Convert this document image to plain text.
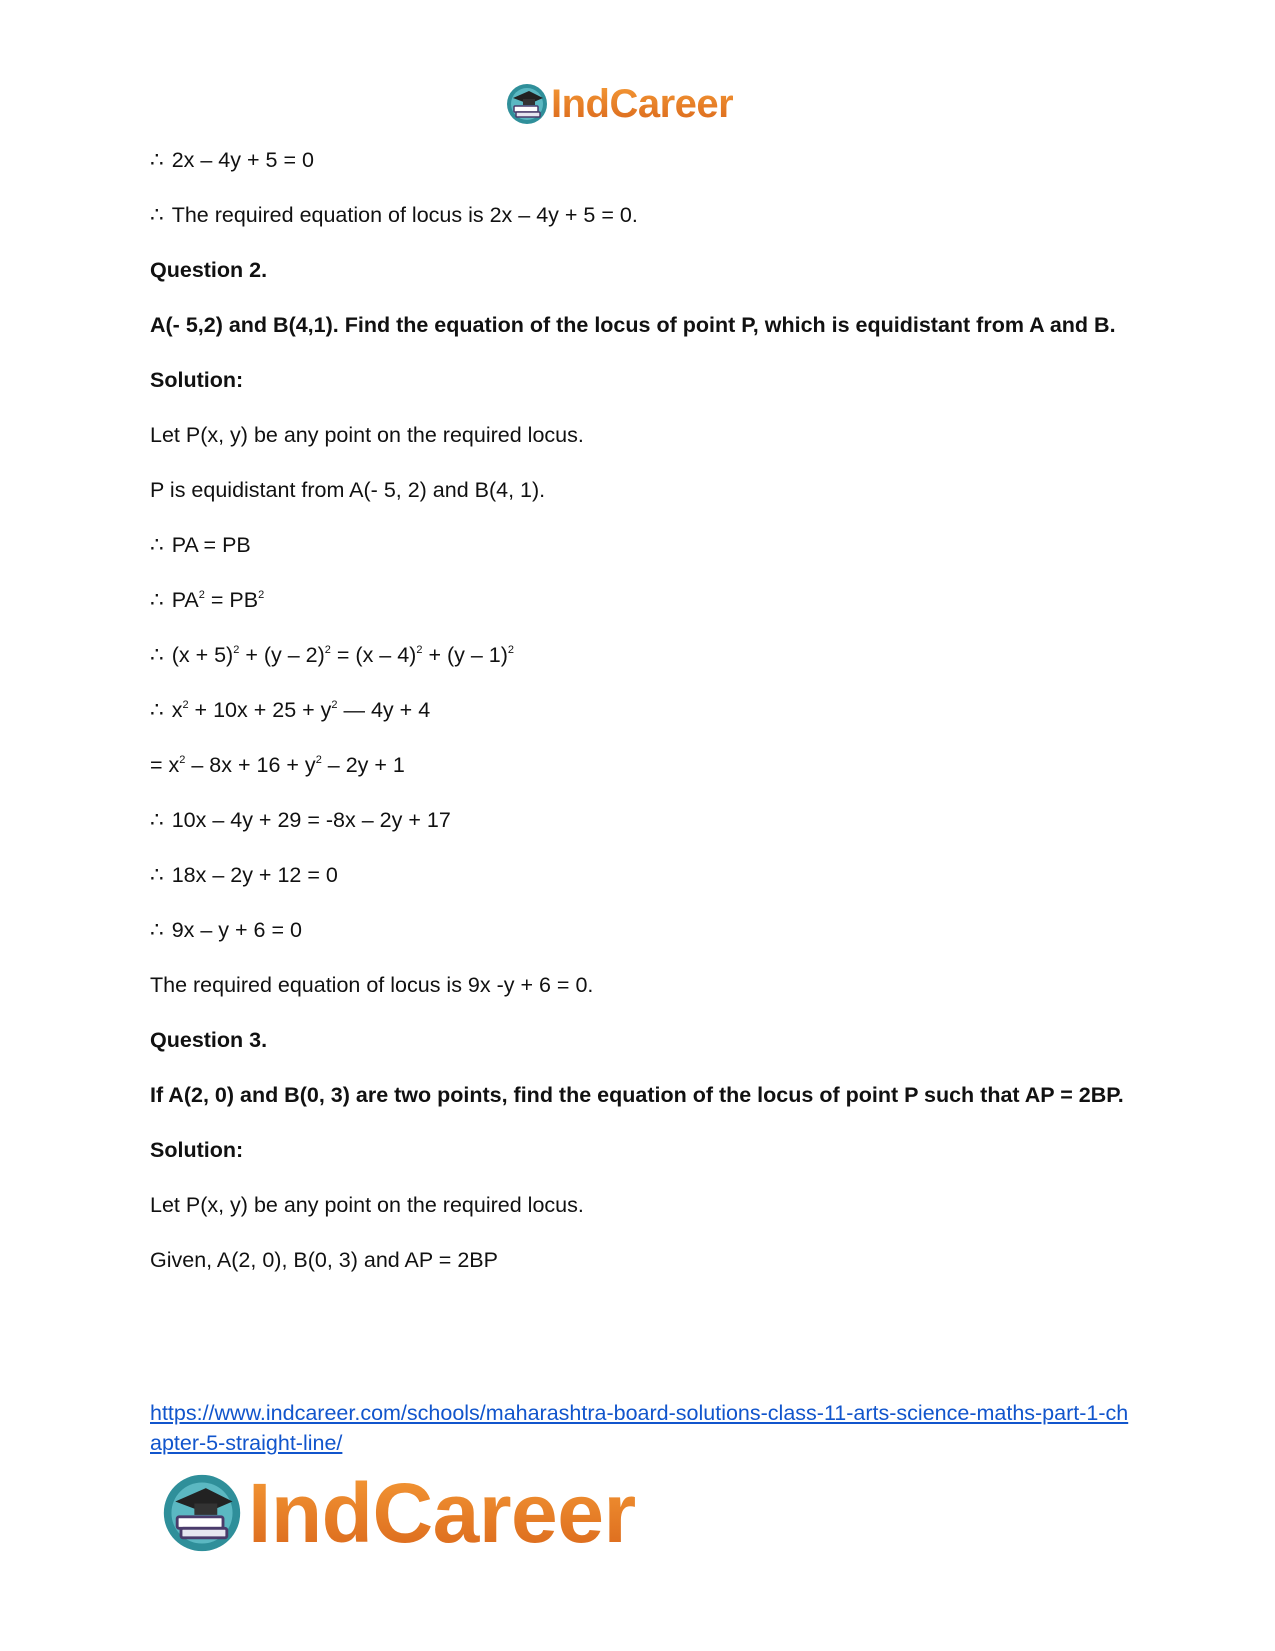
IndCareer

∴ 2x – 4y + 5 = 0

∴ The required equation of locus is 2x – 4y + 5 = 0.

Question 2.

A(- 5,2) and B(4,1). Find the equation of the locus of point P, which is equidistant from A and B.

Solution:

Let P(x, y) be any point on the required locus.

P is equidistant from A(- 5, 2) and B(4, 1).

∴ PA = PB

∴ $PA^2 = PB^2$

∴ $(x + 5)^2 + (y - 2)^2 = (x - 4)^2 + (y - 1)^2$

∴ $x^2 + 10x + 25 + y^2$ — 4y + 4

= $x^2 - 8x + 16 + y^2 - 2y + 1$

∴ 10x – 4y + 29 = -8x – 2y + 17

∴ 18x – 2y + 12 = 0

∴ 9x – y + 6 = 0

The required equation of locus is 9x -y + 6 = 0.

Question 3.

If A(2, 0) and B(0, 3) are two points, find the equation of the locus of point P such that AP = 2BP.

Solution:

Let P(x, y) be any point on the required locus.

Given, A(2, 0), B(0, 3) and AP = 2BP

https://www.indcareer.com/schools/maharashtra-board-solutions-class-11-arts-science-maths-part-1-chapter-5-straight-line/

IndCareer
